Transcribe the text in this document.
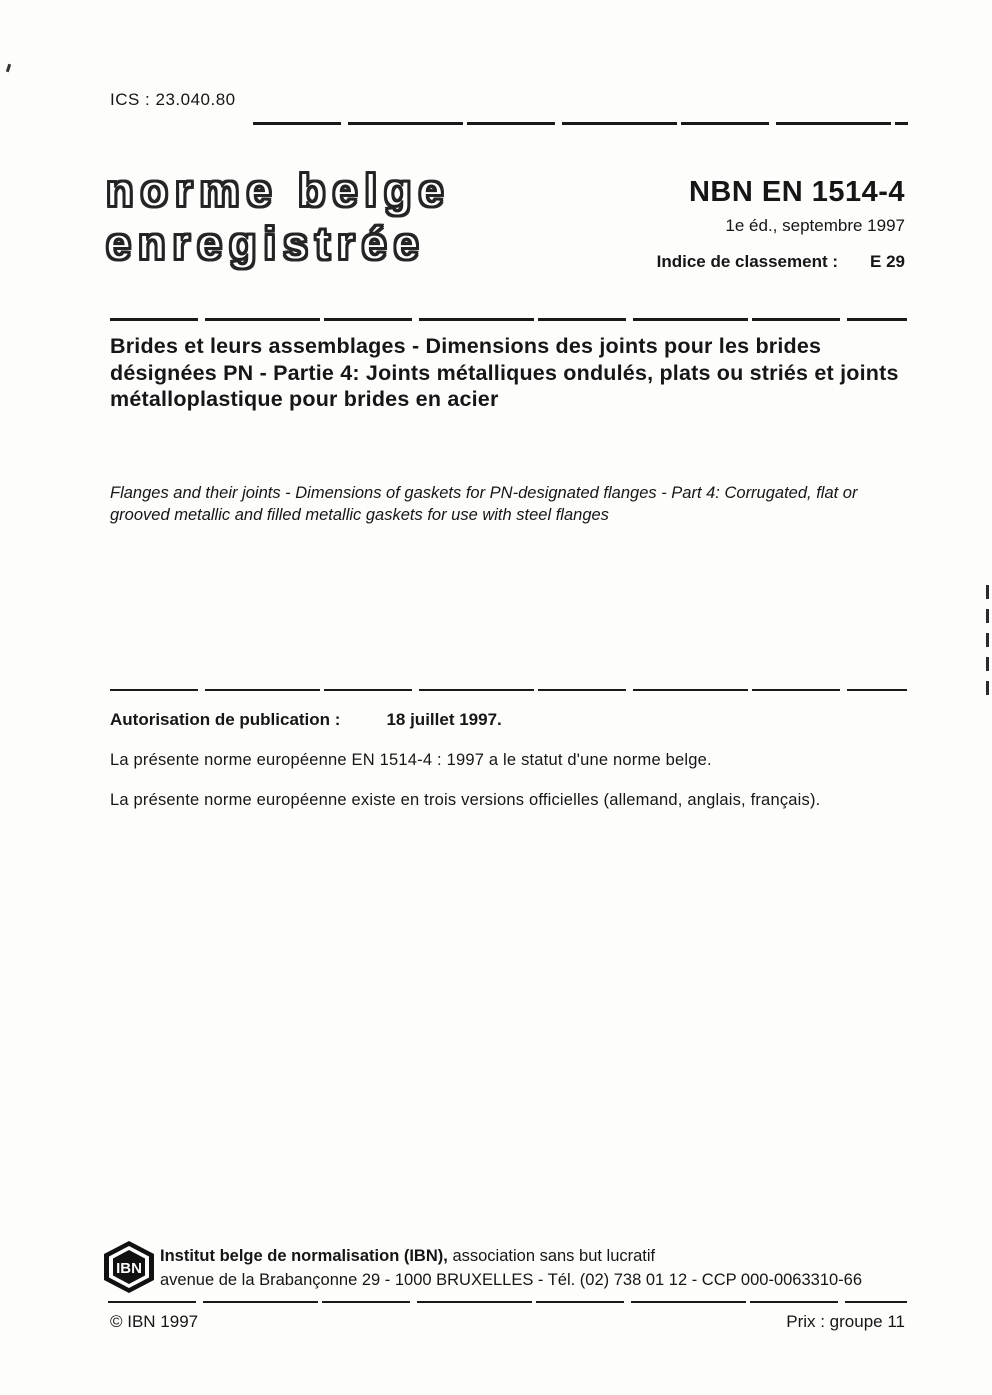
ICS : 23.040.80
norme belge
enregistrée
NBN EN 1514-4
1e éd., septembre 1997
Indice de classement : E 29
Brides et leurs assemblages - Dimensions des joints pour les brides désignées PN - Partie 4: Joints métalliques ondulés, plats ou striés et joints métalloplastique pour brides en acier
Flanges and their joints - Dimensions of gaskets for PN-designated flanges - Part 4: Corrugated, flat or grooved metallic and filled metallic gaskets for use with steel flanges
Autorisation de publication :	18 juillet 1997.
La présente norme européenne EN 1514-4 : 1997 a le statut d'une norme belge.
La présente norme européenne existe en trois versions officielles (allemand, anglais, français).
IBN
Institut belge de normalisation (IBN), association sans but lucratif
avenue de la Brabançonne 29 - 1000 BRUXELLES - Tél. (02) 738 01 12 - CCP 000-0063310-66
© IBN 1997	Prix : groupe 11
